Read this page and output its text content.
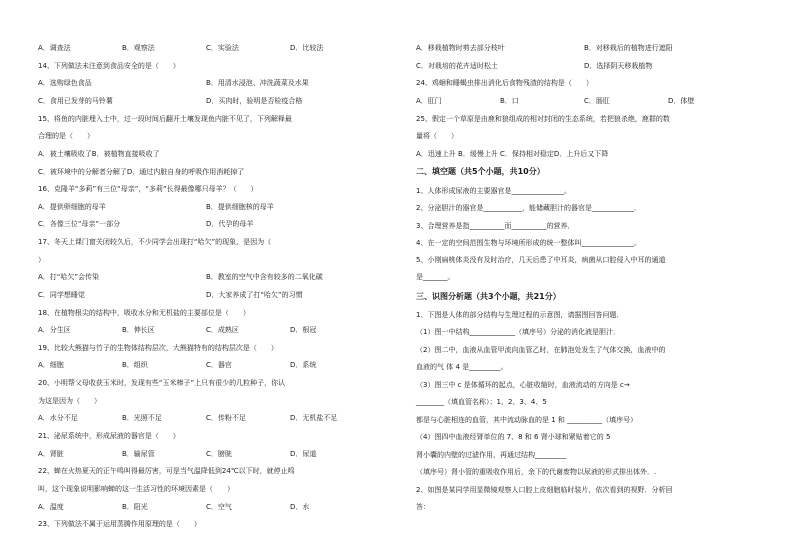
A．调查法	B．观察法	C．实验法	D．比较法
14、下列做法未注意到食品安全的是（　　）
A．选购绿色食品	B．用清水浸泡、冲洗蔬菜及水果
C．食用已发芽的马铃薯	D．买肉时，验明是否检疫合格
15、将鱼的内脏埋入土中，过一段时间后翻开土壤发现鱼内脏不见了，下列解释最
合理的是（　　）
A．被土壤吸收了B．被植物直接吸收了
C．被环境中的分解者分解了D．通过内脏自身的呼吸作用消耗掉了
16、克隆羊“多莉”有三位“母亲”，“多莉”长得最像哪只母羊？（　　）
A．提供卵细胞的母羊	B．提供细胞核的母羊
C．各像三位“母亲”一部分	D．代孕的母羊
17、冬天上课门窗关闭较久后，不少同学会出现打“哈欠”的现象，是因为（
）
A．打“哈欠”会传染	B．教室的空气中含有较多的二氧化碳
C．同学想睡觉	D．大家养成了打“哈欠”的习惯
18、在植物根尖的结构中，吸收水分和无机盐的主要部位是（　　）
A．分生区	B．伸长区	C．成熟区	D．根冠
19、比较大熊猫与竹子的生物体结构层次，大熊猫特有的结构层次是（　　）
A．细胞	B．组织	C．器官	D．系统
20、小明帮父母收获玉米时，发现有些“玉米棒子”上只有很少的几粒种子，你认
为这是因为（　　）
A．水分不足	B．光照不足	C．传粉不足	D．无机盐不足
21、泌尿系统中，形成尿液的器官是（　　）
A．肾脏	B．输尿管	C．膀胱	D．尿道
22、蝉在火热夏天的正午鸣叫得最厉害，可是当气温降低到24℃以下时，就停止鸣
叫，这个现象说明影响蝉的这一生活习性的环境因素是（　　）
A．温度	B．阳光	C．空气	D．水
23、下列做法不属于运用蒸腾作用原理的是（　　）
A．移栽植物时剪去部分枝叶	B．对移栽后的植物进行遮阳
C．对栽培的花卉适时松土	D．选择阴天移栽植物
24、鸡蛔和睡蝎虫排出消化后食物残渣的结构是（　　）
A．肛门	B．口	C．肠肛	D．体壁
25、假定一个草原是由鹿和狼组成的相对封闭的生态系统，若把狼杀绝，鹿群的数
量将（　　）
A．迅速上升 B．缓慢上升 C．保持相对稳定D．上升后又下降
二、填空题（共5个小题，共10分）
1、人体形成尿液的主要器官是_______________。
2、分泌胆汁的器官是___________，能储藏胆汁的器官是____________．
3、合理营养是指__________而__________的营养．
4、在一定的空间范围生物与环境所形成的统一整体叫_______________。
5、小刚扁桃体炎没有及时治疗，几天后患了中耳炎，病菌从口腔侵入中耳的通道
是_______。
三、识图分析题（共3个小题，共21分）
1、下图是人体的部分结构与生理过程的示意图，请据图回答问题．
（1）图一中结构_____________（填序号）分泌的消化液是胆汁．
（2）图二中，血液从血管甲流向血管乙时，在肺泡处发生了气体交换，血液中的
血液的气 体 4 是_________。
（3）图三中 c 是体循环的起点，心脏收缩时，血液流动的方向是 c→
________（填血管名称）；1、2、3、4、5
都是与心脏相连的血管，其中流动脉血的是 1 和 __________（填序号）
（4）图四中血液经肾单位的 7、8 和 6 肾小球和紧贴着它的 5
肾小囊的内壁的过滤作用，再通过结构_________
（填序号）肾小管的重吸收作用后，余下的代谢废物以尿液的形式排出体外．.
2、如图是某同学用显微镜观察人口腔上皮细胞临时装片，依次看到的视野．分析回
答：
